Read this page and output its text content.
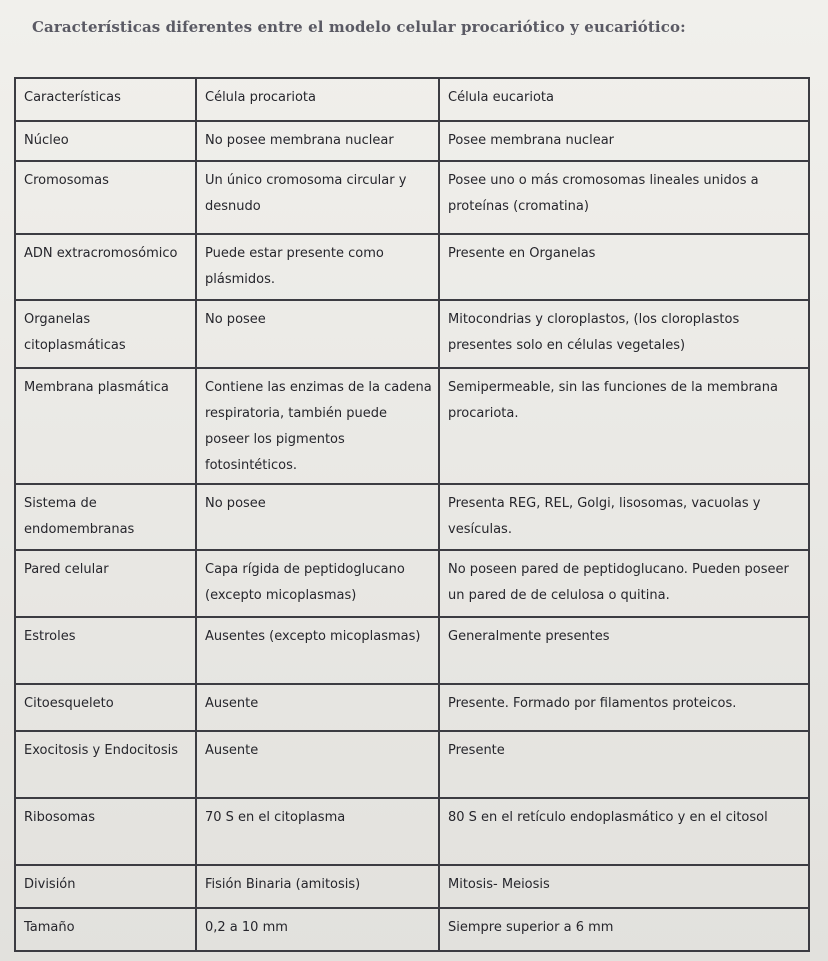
Características diferentes entre el modelo celular procariótico y eucariótico:
Características	Célula procariota	Célula eucariota
Núcleo	No posee membrana nuclear	Posee membrana nuclear
Cromosomas	Un único cromosoma circular y desnudo	Posee uno o más cromosomas lineales unidos a proteínas (cromatina)
ADN extracromosómico	Puede estar presente como plásmidos.	Presente en Organelas
Organelas citoplasmáticas	No posee	Mitocondrias y cloroplastos, (los cloroplastos presentes solo en células vegetales)
Membrana plasmática	Contiene las enzimas de la cadena respiratoria, también puede poseer los pigmentos fotosintéticos.	Semipermeable, sin las funciones de la membrana procariota.
Sistema de endomembranas	No posee	Presenta REG, REL, Golgi, lisosomas, vacuolas y vesículas.
Pared celular	Capa rígida de peptidoglucano (excepto micoplasmas)	No poseen pared de peptidoglucano. Pueden poseer un pared de de celulosa o quitina.
Estroles	Ausentes (excepto micoplasmas)	Generalmente presentes
Citoesqueleto	Ausente	Presente. Formado por filamentos proteicos.
Exocitosis y Endocitosis	Ausente	Presente
Ribosomas	70 S en el citoplasma	80 S en el retículo endoplasmático y en el citosol
División	Fisión Binaria (amitosis)	Mitosis- Meiosis
Tamaño	0,2 a 10 mm	Siempre superior a 6 mm
